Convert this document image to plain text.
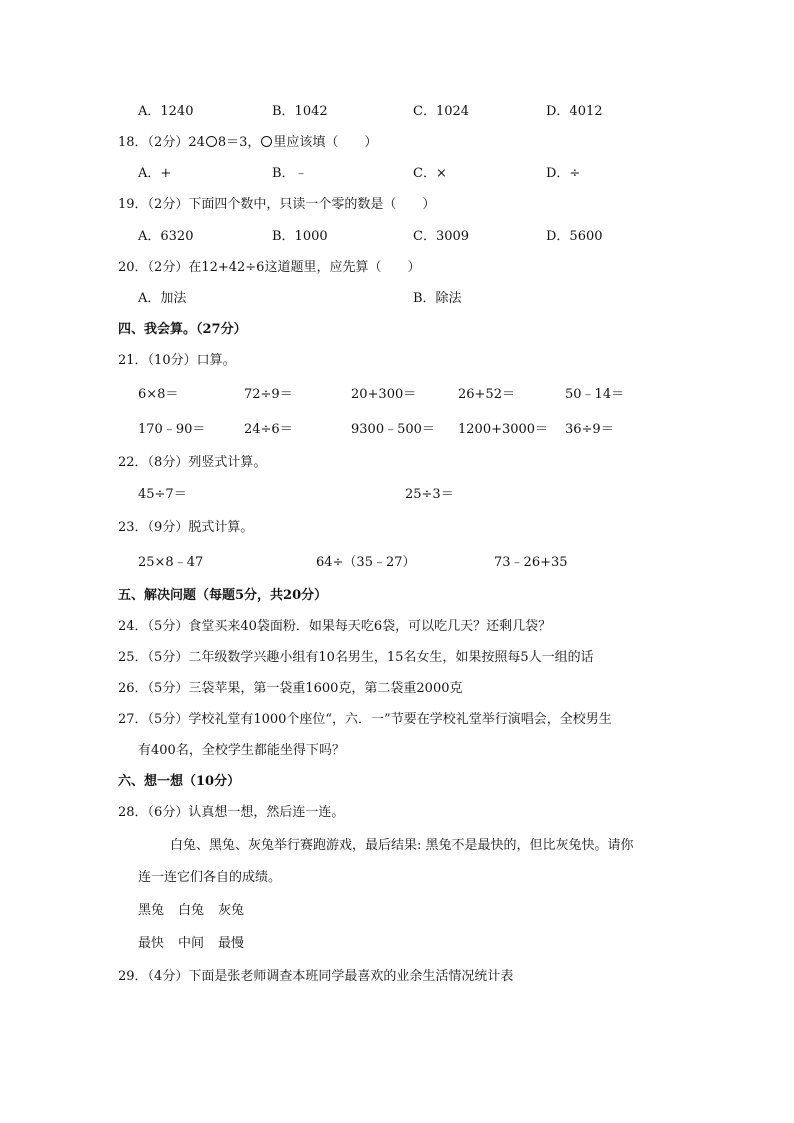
A．1240	B．1042	C．1024	D．4012
18．（2分）24 8＝3， 里应该填（　　）
A．+	B．﹣	C．×	D．÷
19．（2分）下面四个数中，只读一个零的数是（　　）
A．6320	B．1000	C．3009	D．5600
20．（2分）在12+42÷6这道题里，应先算（　　）
A．加法	B．除法
四、我会算。（27分）
21．（10分）口算。
6×8＝	72÷9＝	20+300＝	26+52＝	50﹣14＝
170﹣90＝	24÷6＝	9300﹣500＝ 1200+3000＝ 36÷9＝
22．（8分）列竖式计算。
45÷7＝	25÷3＝
23．（9分）脱式计算。
25×8﹣47	64÷（35﹣27）	73﹣26+35
五、解决问题（每题5分，共20分）
24．（5分）食堂买来40袋面粉．如果每天吃6袋，可以吃几天？还剩几袋？
25．（5分）二年级数学兴趣小组有10名男生，15名女生，如果按照每5人一组的话
26．（5分）三袋苹果，第一袋重1600克，第二袋重2000克
27．（5分）学校礼堂有1000个座位“，六．一”节要在学校礼堂举行演唱会，全校男生
有400名，全校学生都能坐得下吗？
六、想一想（10分）
28．（6分）认真想一想，然后连一连。
白兔、黑兔、灰兔举行赛跑游戏，最后结果: 黑兔不是最快的，但比灰兔快。请你
连一连它们各自的成绩。
黑兔 白兔 灰兔
最快 中间 最慢
29．（4分）下面是张老师调查本班同学最喜欢的业余生活情况统计表
